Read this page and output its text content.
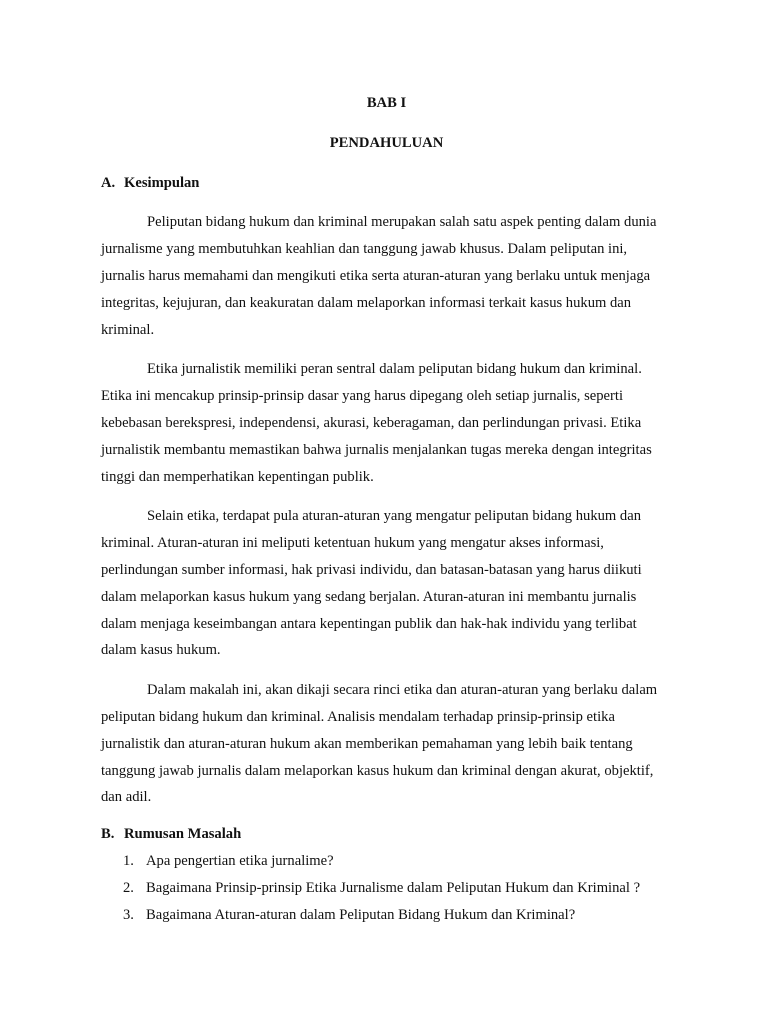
BAB I

PENDAHULUAN

A. Kesimpulan

Peliputan bidang hukum dan kriminal merupakan salah satu aspek penting dalam dunia jurnalisme yang membutuhkan keahlian dan tanggung jawab khusus. Dalam peliputan ini, jurnalis harus memahami dan mengikuti etika serta aturan-aturan yang berlaku untuk menjaga integritas, kejujuran, dan keakuratan dalam melaporkan informasi terkait kasus hukum dan kriminal.

Etika jurnalistik memiliki peran sentral dalam peliputan bidang hukum dan kriminal. Etika ini mencakup prinsip-prinsip dasar yang harus dipegang oleh setiap jurnalis, seperti kebebasan berekspresi, independensi, akurasi, keberagaman, dan perlindungan privasi. Etika jurnalistik membantu memastikan bahwa jurnalis menjalankan tugas mereka dengan integritas tinggi dan memperhatikan kepentingan publik.

Selain etika, terdapat pula aturan-aturan yang mengatur peliputan bidang hukum dan kriminal. Aturan-aturan ini meliputi ketentuan hukum yang mengatur akses informasi, perlindungan sumber informasi, hak privasi individu, dan batasan-batasan yang harus diikuti dalam melaporkan kasus hukum yang sedang berjalan. Aturan-aturan ini membantu jurnalis dalam menjaga keseimbangan antara kepentingan publik dan hak-hak individu yang terlibat dalam kasus hukum.

Dalam makalah ini, akan dikaji secara rinci etika dan aturan-aturan yang berlaku dalam peliputan bidang hukum dan kriminal. Analisis mendalam terhadap prinsip-prinsip etika jurnalistik dan aturan-aturan hukum akan memberikan pemahaman yang lebih baik tentang tanggung jawab jurnalis dalam melaporkan kasus hukum dan kriminal dengan akurat, objektif, dan adil.

B. Rumusan Masalah

1. Apa pengertian etika jurnalime?
2. Bagaimana Prinsip-prinsip Etika Jurnalisme dalam Peliputan Hukum dan Kriminal ?
3. Bagaimana Aturan-aturan dalam Peliputan Bidang Hukum dan Kriminal?
